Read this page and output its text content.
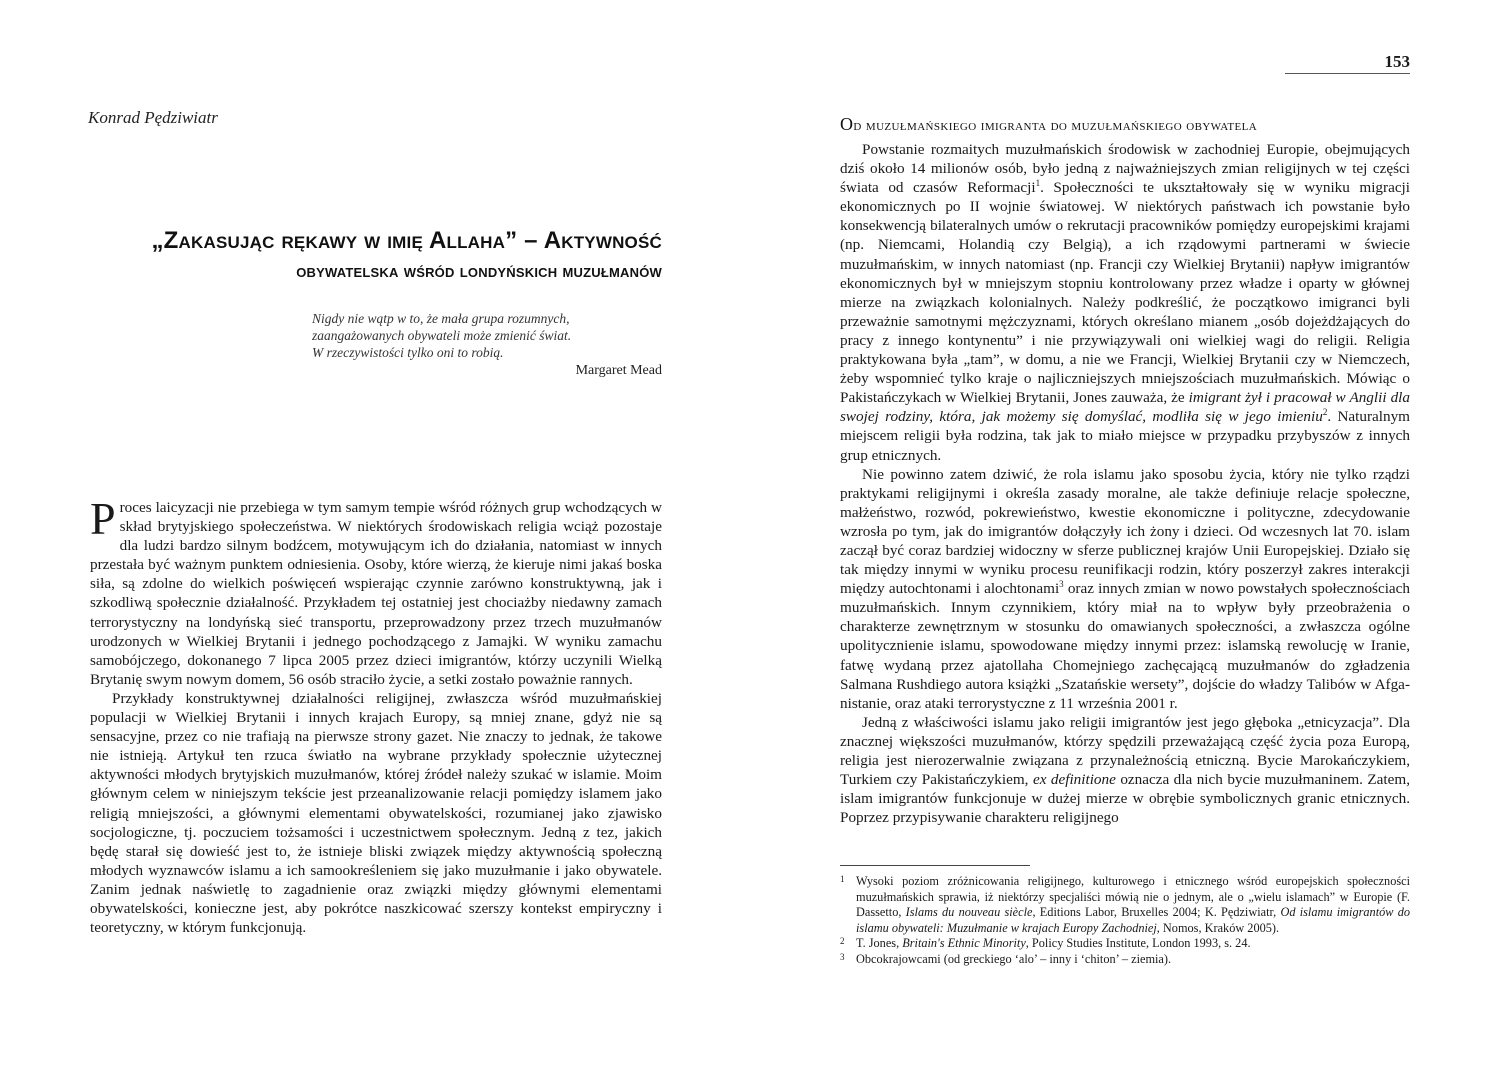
Konrad Pędziwiatr
„Zakasując rękawy w imię Allaha” – Aktywność
obywatelska wśród londyńskich muzułmanów
Nigdy nie wątp w to, że mała grupa rozumnych,
zaangażowanych obywateli może zmienić świat.
W rzeczywistości tylko oni to robią.
Margaret Mead

Proces laicyzacji nie przebiega w tym samym tempie wśród różnych grup wchodzących w skład brytyjskiego społeczeństwa. W niektórych środowiskach religia wciąż pozostaje dla ludzi bardzo silnym bodźcem, motywującym ich do działania, natomiast w innych przestała być ważnym punktem odniesienia. Osoby, które wierzą, że kieruje nimi jakaś boska siła, są zdolne do wielkich poświęceń wspierając czynnie zarówno konstruktywną, jak i szkodliwą społecznie działalność. Przykładem tej ostatniej jest chociażby niedawny zamach terrorystyczny na londyńską sieć transportu, przeprowadzony przez trzech muzułmanów urodzonych w Wielkiej Brytanii i jednego pochodzącego z Jamajki. W wyniku zamachu samobójczego, dokonanego 7 lipca 2005 przez dzieci imigrantów, którzy uczynili Wielką Brytanię swym nowym domem, 56 osób straciło życie, a setki zostało poważnie rannych.

Przykłady konstruktywnej działalności religijnej, zwłaszcza wśród muzułmańskiej populacji w Wielkiej Brytanii i innych krajach Europy, są mniej znane, gdyż nie są sensacyjne, przez co nie trafiają na pierwsze strony gazet. Nie znaczy to jednak, że takowe nie istnieją. Artykuł ten rzuca światło na wybrane przykłady społecznie użytecznej aktywności młodych brytyjskich muzułmanów, której źródeł należy szukać w islamie. Moim głównym celem w niniejszym tekście jest przeanalizowanie relacji pomiędzy islamem jako religią mniejszości, a głównymi elementami obywatelskości, rozumianej jako zjawisko socjologiczne, tj. poczuciem tożsamości i uczestnictwem społecznym. Jedną z tez, jakich będę starał się dowieść jest to, że istnieje bliski związek między aktywnością społeczną młodych wyznawców islamu a ich samookreśleniem się jako muzułmanie i jako obywatele. Zanim jednak naświetlę to zagadnienie oraz związki między głównymi elementami obywatelskości, konieczne jest, aby pokrótce naszkicować szerszy kontekst empiryczny i teoretyczny, w którym funkcjonują.

153
Od muzułmańskiego imigranta do muzułmańskiego obywatela

Powstanie rozmaitych muzułmańskich środowisk w zachodniej Europie, obejmujących dziś około 14 milionów osób, było jedną z najważniejszych zmian religijnych w tej części świata od czasów Reformacji$^1$. Społeczności te ukształtowały się w wyniku migracji ekonomicznych po II wojnie światowej. W niektórych państwach ich powstanie było konsekwencją bilateralnych umów o rekrutacji pracowników pomiędzy europejskimi krajami (np. Niemcami, Holandią czy Belgią), a ich rządowymi partnerami w świecie muzułmańskim, w innych natomiast (np. Francji czy Wielkiej Brytanii) napływ imigrantów ekonomicznych był w mniejszym stopniu kontrolowany przez władze i oparty w głównej mierze na związkach kolonialnych. Należy podkreślić, że początkowo imigranci byli przeważnie samotnymi mężczyznami, których określano mianem „osób dojeżdżających do pracy z innego kontynentu” i nie przywiązywali oni wielkiej wagi do religii. Religia praktykowana była „tam”, w domu, a nie we Francji, Wielkiej Brytanii czy w Niemczech, żeby wspomnieć tylko kraje o najliczniejszych mniejszościach muzułmańskich. Mówiąc o Pakistańczykach w Wielkiej Brytanii, Jones zauważa, że imigrant żył i pracował w Anglii dla swojej rodziny, która, jak możemy się domyślać, modliła się w jego imieniu$^2$. Naturalnym miejscem religii była rodzina, tak jak to miało miejsce w przypadku przybyszów z innych grup etnicznych.

Nie powinno zatem dziwić, że rola islamu jako sposobu życia, który nie tylko rządzi praktykami religijnymi i określa zasady moralne, ale także definiuje relacje społeczne, małżeństwo, rozwód, pokrewieństwo, kwestie ekonomiczne i polityczne, zdecydowanie wzrosła po tym, jak do imigrantów dołączyły ich żony i dzieci. Od wczesnych lat 70. islam zaczął być coraz bardziej widoczny w sferze publicznej krajów Unii Europejskiej. Działo się tak między innymi w wyniku procesu reunifikacji rodzin, który poszerzył zakres interakcji między autochtonami i alochtonami$^3$ oraz innych zmian w nowo powstałych społecznościach muzułmańskich. Innym czynnikiem, który miał na to wpływ były przeobrażenia o charakterze zewnętrznym w stosunku do omawianych społeczności, a zwłaszcza ogólne upolitycznienie islamu, spowodowane między innymi przez: islamską rewolucję w Iranie, fatwę wydaną przez ajatollaha Chomejniego zachęcającą muzułmanów do zgładzenia Salmana Rushdiego autora książki „Szatańskie wersety”, dojście do władzy Talibów w Afganistanie, oraz ataki terrorystyczne z 11 września 2001 r.

Jedną z właściwości islamu jako religii imigrantów jest jego głęboka „etnicyzacja”. Dla znacznej większości muzułmanów, którzy spędzili przeważającą część życia poza Europą, religia jest nierozerwalnie związana z przynależnością etniczną. Bycie Marokańczykiem, Turkiem czy Pakistańczykiem, ex definitione oznacza dla nich bycie muzułmaninem. Zatem, islam imigrantów funkcjonuje w dużej mierze w obrębie symbolicznych granic etnicznych. Poprzez przypisywanie charakteru religijnego

1 Wysoki poziom zróżnicowania religijnego, kulturowego i etnicznego wśród europejskich społeczności muzułmańskich sprawia, iż niektórzy specjaliści mówią nie o jednym, ale o „wielu islamach” w Europie (F. Dassetto, Islams du nouveau siècle, Editions Labor, Bruxelles 2004; K. Pędziwiatr, Od islamu imigrantów do islamu obywateli: Muzułmanie w krajach Europy Zachodniej, Nomos, Kraków 2005).

2 T. Jones, Britain's Ethnic Minority, Policy Studies Institute, London 1993, s. 24.

3 Obcokrajowcami (od greckiego ‘alo’ – inny i ‘chiton’ – ziemia).
